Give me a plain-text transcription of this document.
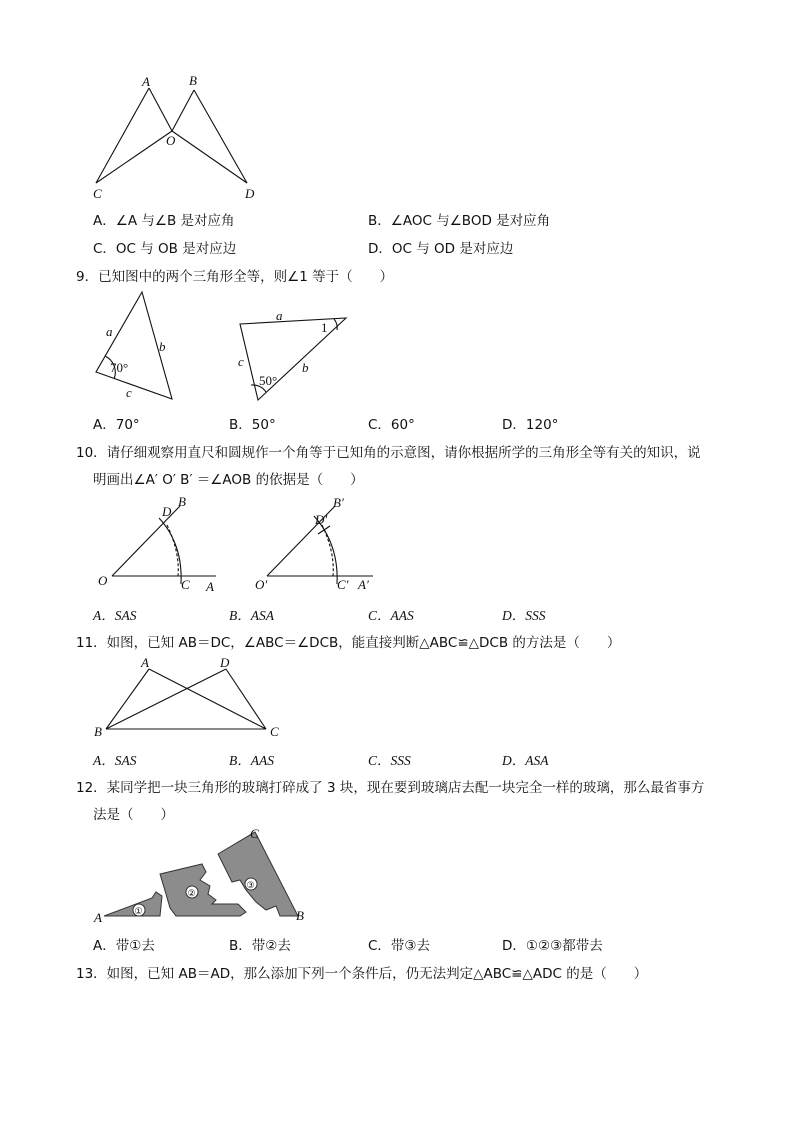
A	B
O
C	D
A．∠A 与∠B 是对应角	B．∠AOC 与∠BOD 是对应角
C．OC 与 OB 是对应边	D．OC 与 OD 是对应边
9．已知图中的两个三角形全等，则∠1 等于（　　）
a
b
c
70°
a
b
c
50°
1
A．70°	B．50°	C．60°	D．120°
10．请仔细观察用直尺和圆规作一个角等于已知角的示意图，请你根据所学的三角形全等有关的知识，说
明画出∠A′ O′ B′ ＝∠AOB 的依据是（　　）
O	C A
D
B
O′	C′ A′
D′
B′
A．SAS	B．ASA	C．AAS	D．SSS
11．如图，已知 AB＝DC，∠ABC＝∠DCB，能直接判断△ABC≌△DCB 的方法是（　　）
A	D
B	C
A．SAS	B．AAS	C．SSS	D．ASA
12．某同学把一块三角形的玻璃打碎成了 3 块，现在要到玻璃店去配一块完全一样的玻璃，那么最省事方
法是（　　）
①
②
③
A	B
C
A．带①去	B．带②去	C．带③去	D．①②③都带去
13．如图，已知 AB＝AD，那么添加下列一个条件后，仍无法判定△ABC≌△ADC 的是（　　）
